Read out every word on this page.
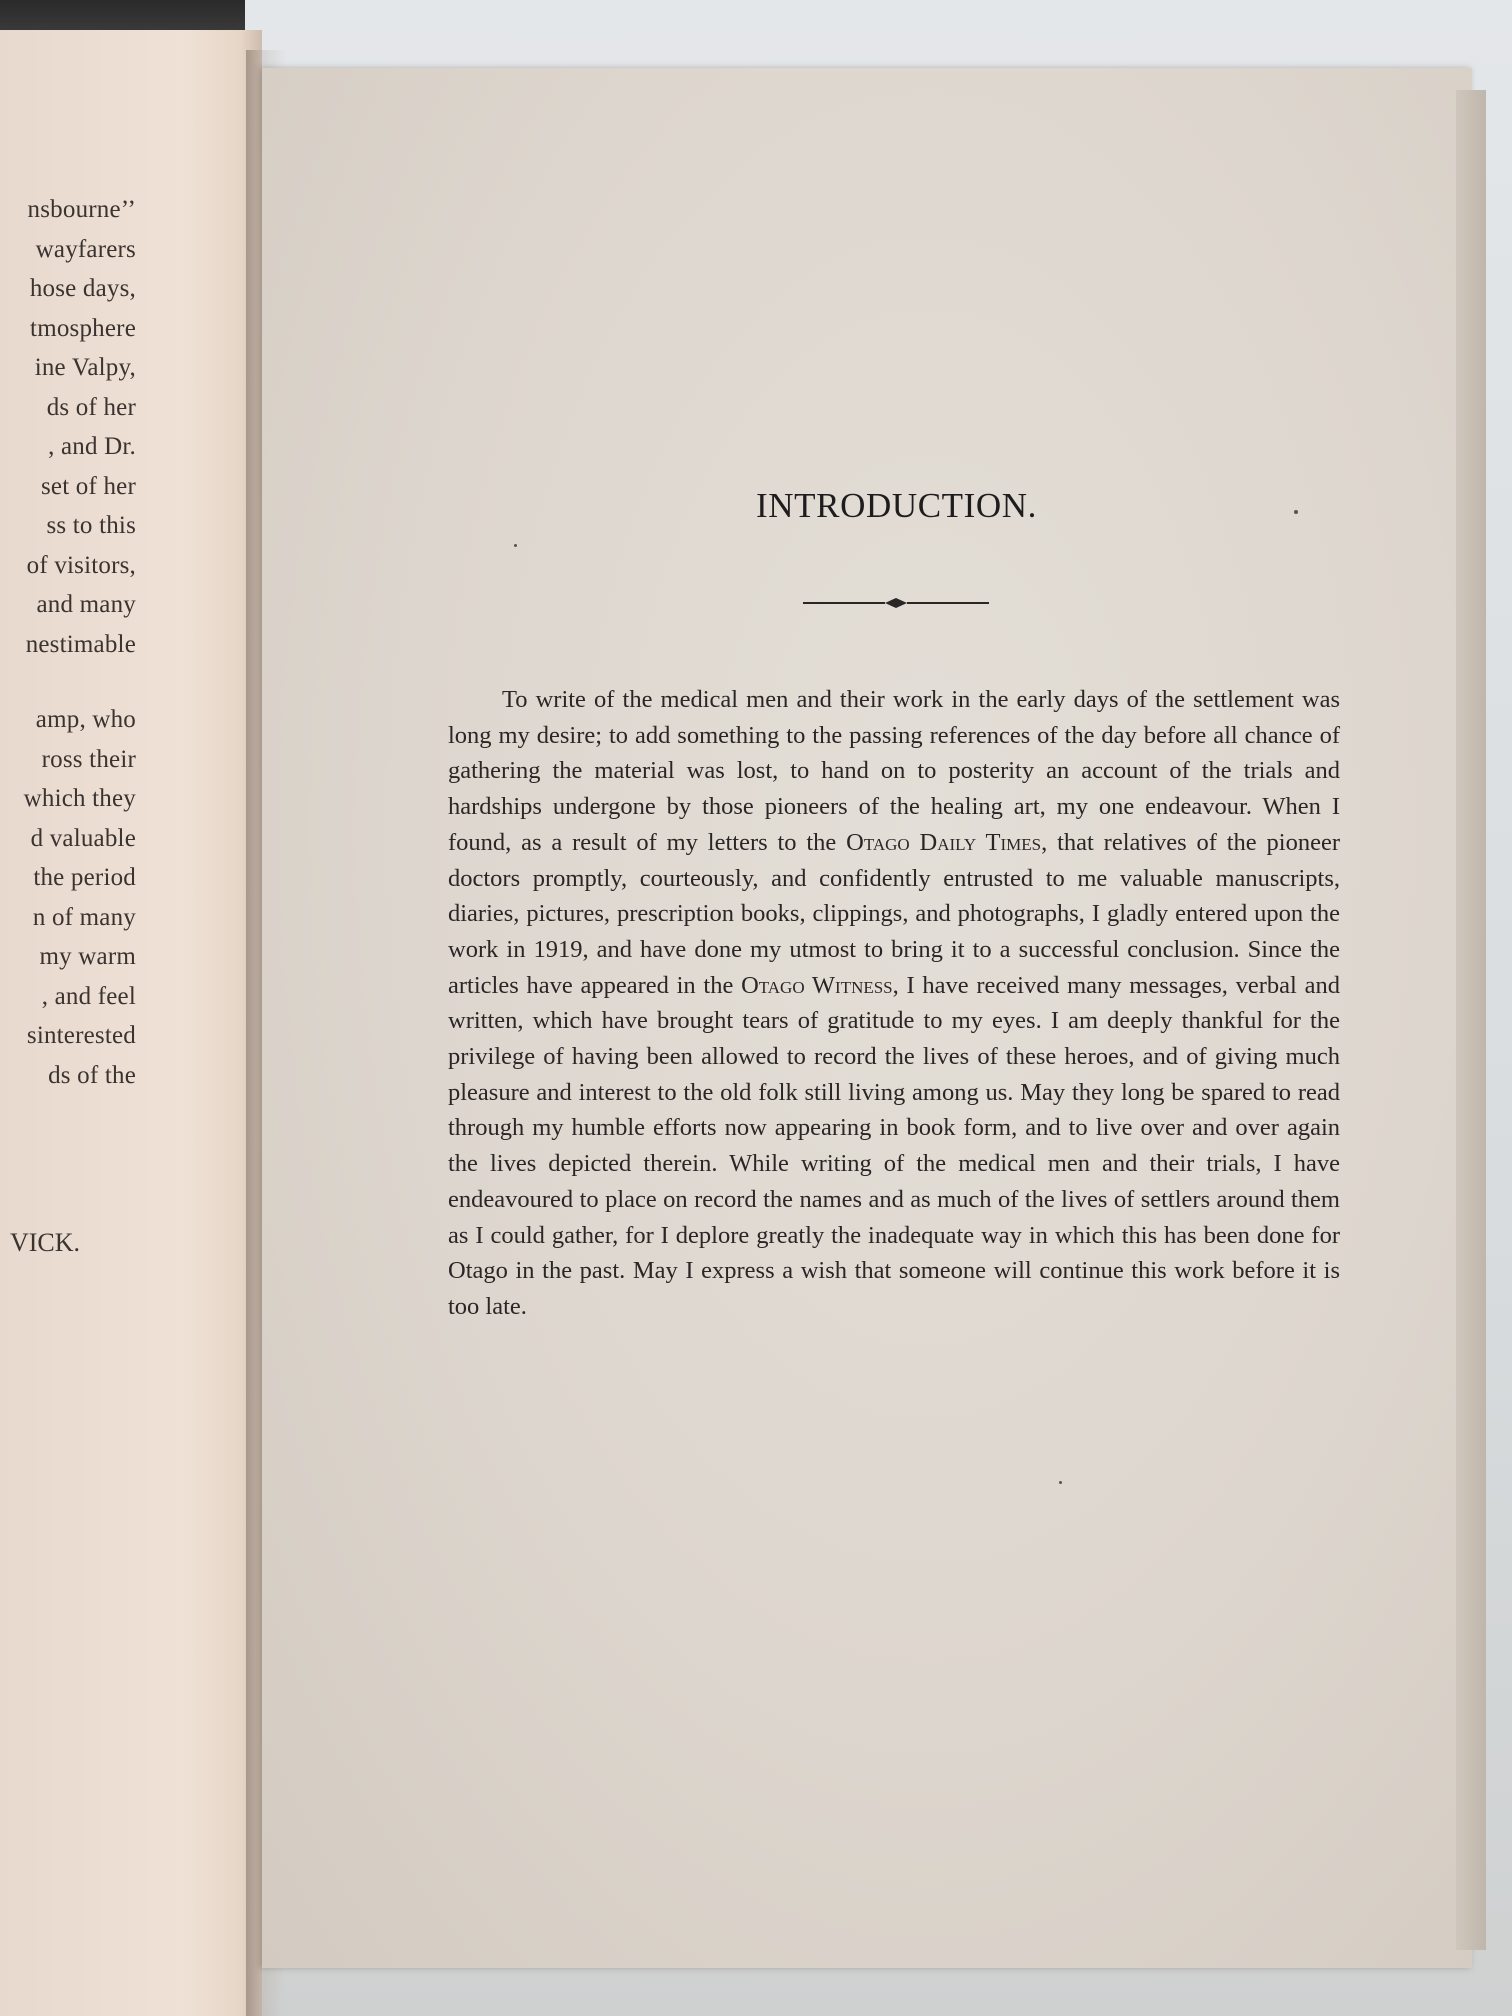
nsbourne’’
wayfarers
hose days,
tmosphere
ine Valpy,
ds of her
, and Dr.
set of her
ss to this
of visitors,
and many
nestimable
amp, who
ross their
which they
d valuable
the period
n of many
my warm
, and feel
sinterested
ds of the
VICK.
INTRODUCTION.

To write of the medical men and their work in the early days of the settlement was long my desire; to add something to the passing references of the day before all chance of gathering the material was lost, to hand on to posterity an account of the trials and hardships undergone by those pioneers of the healing art, my one endeavour. When I found, as a result of my letters to the Otago Daily Times, that relatives of the pioneer doctors promptly, courteously, and confidently entrusted to me valuable manuscripts, diaries, pictures, prescription books, clippings, and photographs, I gladly entered upon the work in 1919, and have done my utmost to bring it to a successful conclusion. Since the articles have appeared in the Otago Witness, I have received many messages, verbal and written, which have brought tears of gratitude to my eyes. I am deeply thankful for the privilege of having been allowed to record the lives of these heroes, and of giving much pleasure and interest to the old folk still living among us. May they long be spared to read through my humble efforts now appearing in book form, and to live over and over again the lives depicted therein. While writing of the medical men and their trials, I have endeavoured to place on record the names and as much of the lives of settlers around them as I could gather, for I deplore greatly the inadequate way in which this has been done for Otago in the past. May I express a wish that someone will continue this work before it is too late.
